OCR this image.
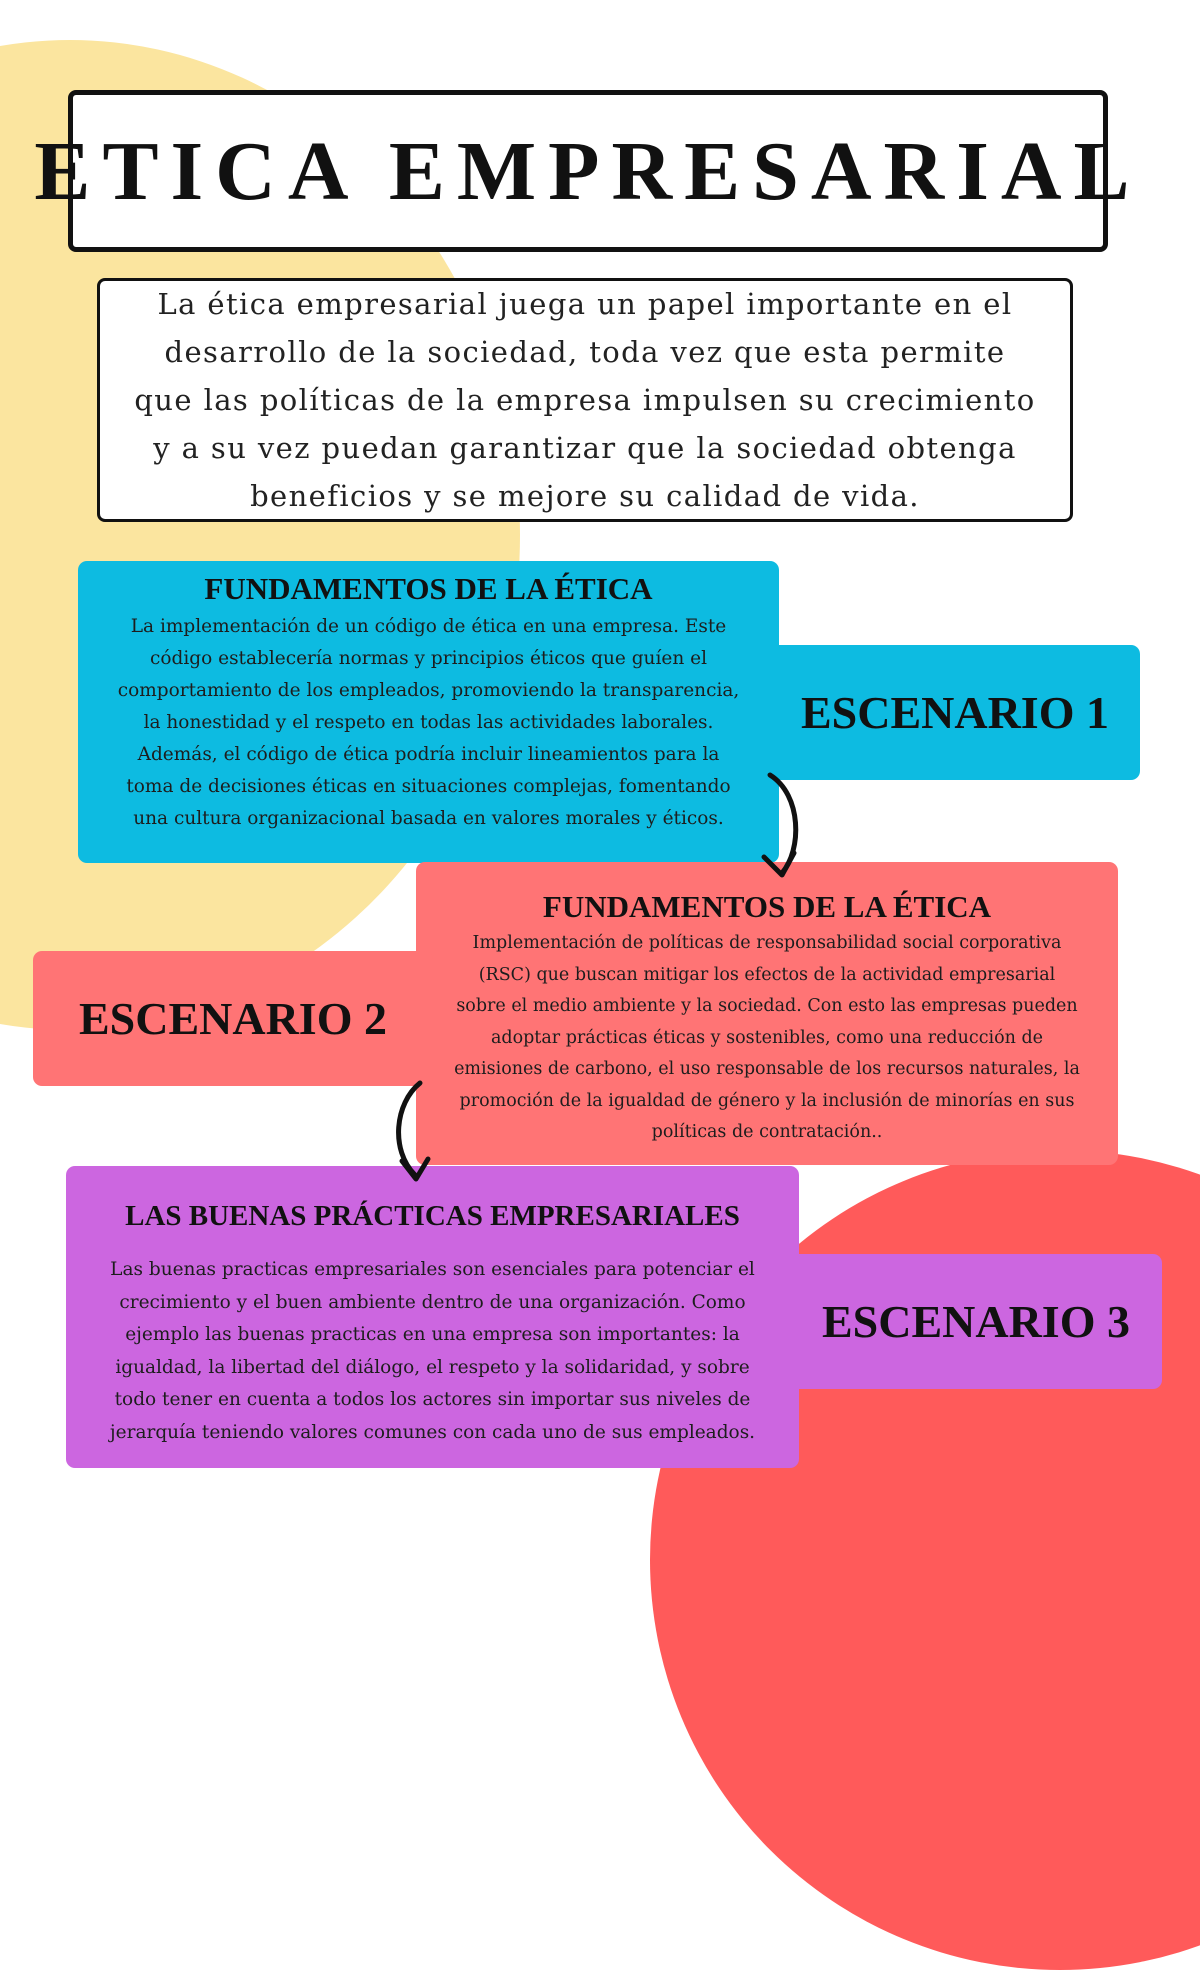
ETICA EMPRESARIAL

La ética empresarial juega un papel importante en el
desarrollo de la sociedad, toda vez que esta permite
que las políticas de la empresa impulsen su crecimiento
y a su vez puedan garantizar que la sociedad obtenga
beneficios y se mejore su calidad de vida.

ESCENARIO 1

FUNDAMENTOS DE LA ÉTICA

La implementación de un código de ética en una empresa. Este
código establecería normas y principios éticos que guíen el
comportamiento de los empleados, promoviendo la transparencia,
la honestidad y el respeto en todas las actividades laborales.
Además, el código de ética podría incluir lineamientos para la
toma de decisiones éticas en situaciones complejas, fomentando
una cultura organizacional basada en valores morales y éticos.

FUNDAMENTOS DE LA ÉTICA

Implementación de políticas de responsabilidad social corporativa
(RSC) que buscan mitigar los efectos de la actividad empresarial
sobre el medio ambiente y la sociedad. Con esto las empresas pueden
adoptar prácticas éticas y sostenibles, como una reducción de
emisiones de carbono, el uso responsable de los recursos naturales, la
promoción de la igualdad de género y la inclusión de minorías en sus
políticas de contratación..

ESCENARIO 2
ESCENARIO 3

LAS BUENAS PRÁCTICAS EMPRESARIALES

Las buenas practicas empresariales son esenciales para potenciar el
crecimiento y el buen ambiente dentro de una organización. Como
ejemplo las buenas practicas en una empresa son importantes: la
igualdad, la libertad del diálogo, el respeto y la solidaridad, y sobre
todo tener en cuenta a todos los actores sin importar sus niveles de
jerarquía teniendo valores comunes con cada uno de sus empleados.
